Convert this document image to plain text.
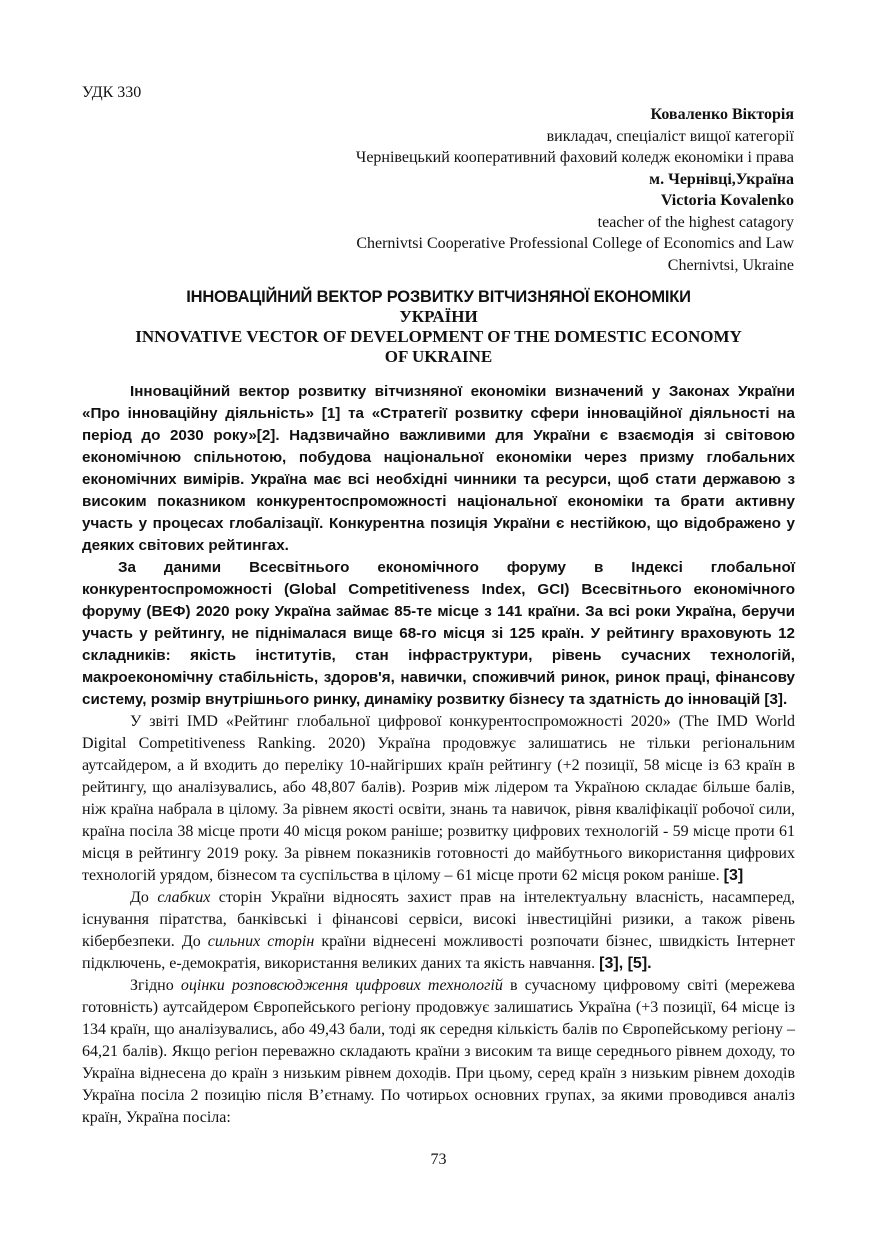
УДК 330
Коваленко Вікторія
викладач, спеціаліст вищої категорії
Чернівецький кооперативний фаховий коледж економіки і права
м. Чернівці,Україна
Victoria Kovalenko
teacher of the highest catagory
Chernivtsi Cooperative Professional College of Economics and Law
Chernivtsi, Ukraine
ІННОВАЦІЙНИЙ ВЕКТОР РОЗВИТКУ ВІТЧИЗНЯНОЇ ЕКОНОМІКИ
УКРАЇНИ
INNOVATIVE VECTOR OF DEVELOPMENT OF THE DOMESTIC ECONOMY
OF UKRAINE

Інноваційний вектор розвитку вітчизняної економіки визначений у Законах України «Про інноваційну діяльність» [1] та «Стратегії розвитку сфери інноваційної діяльності на період до 2030 року»[2]. Надзвичайно важливими для України є взаємодія зі світовою економічною спільнотою, побудова національної економіки через призму глобальних економічних вимірів. Україна має всі необхідні чинники та ресурси, щоб стати державою з високим показником конкурентоспроможності національної економіки та брати активну участь у процесах глобалізації. Конкурентна позиція України є нестійкою, що відображено у деяких світових рейтингах.

За даними Всесвітнього економічного форуму в Індексі глобальної конкурентоспроможності (Global Competitiveness Index, GCI) Всесвітнього економічного форуму (ВЕФ) 2020 року Україна займає 85-те місце з 141 країни. За всі роки Україна, беручи участь у рейтингу, не піднімалася вище 68-го місця зі 125 країн. У рейтингу враховують 12 складників: якість інститутів, стан інфраструктури, рівень сучасних технологій, макроекономічну стабільність, здоров'я, навички, споживчий ринок, ринок праці, фінансову систему, розмір внутрішнього ринку, динаміку розвитку бізнесу та здатність до інновацій [3].

У звіті IMD «Рейтинг глобальної цифрової конкурентоспроможності 2020» (The IMD World Digital Competitiveness Ranking. 2020) Україна продовжує залишатись не тільки регіональним аутсайдером, а й входить до переліку 10-найгірших країн рейтингу (+2 позиції, 58 місце із 63 країн в рейтингу, що аналізувались, або 48,807 балів). Розрив між лідером та Україною складає більше балів, ніж країна набрала в цілому. За рівнем якості освіти, знань та навичок, рівня кваліфікації робочої сили, країна посіла 38 місце проти 40 місця роком раніше; розвитку цифрових технологій - 59 місце проти 61 місця в рейтингу 2019 року. За рівнем показників готовності до майбутнього використання цифрових технологій урядом, бізнесом та суспільства в цілому – 61 місце проти 62 місця роком раніше. [3]

До слабких сторін України відносять захист прав на інтелектуальну власність, насамперед, існування піратства, банківські і фінансові сервіси, високі інвестиційні ризики, а також рівень кібербезпеки. До сильних сторін країни віднесені можливості розпочати бізнес, швидкість Інтернет підключень, е-демократія, використання великих даних та якість навчання. [3], [5].

Згідно оцінки розповсюдження цифрових технологій в сучасному цифровому світі (мережева готовність) аутсайдером Європейського регіону продовжує залишатись Україна (+3 позиції, 64 місце із 134 країн, що аналізувались, або 49,43 бали, тоді як середня кількість балів по Європейському регіону – 64,21 балів). Якщо регіон переважно складають країни з високим та вище середнього рівнем доходу, то Україна віднесена до країн з низьким рівнем доходів. При цьому, серед країн з низьким рівнем доходів Україна посіла 2 позицію після В’єтнаму. По чотирьох основних групах, за якими проводився аналіз країн, Україна посіла:

73
